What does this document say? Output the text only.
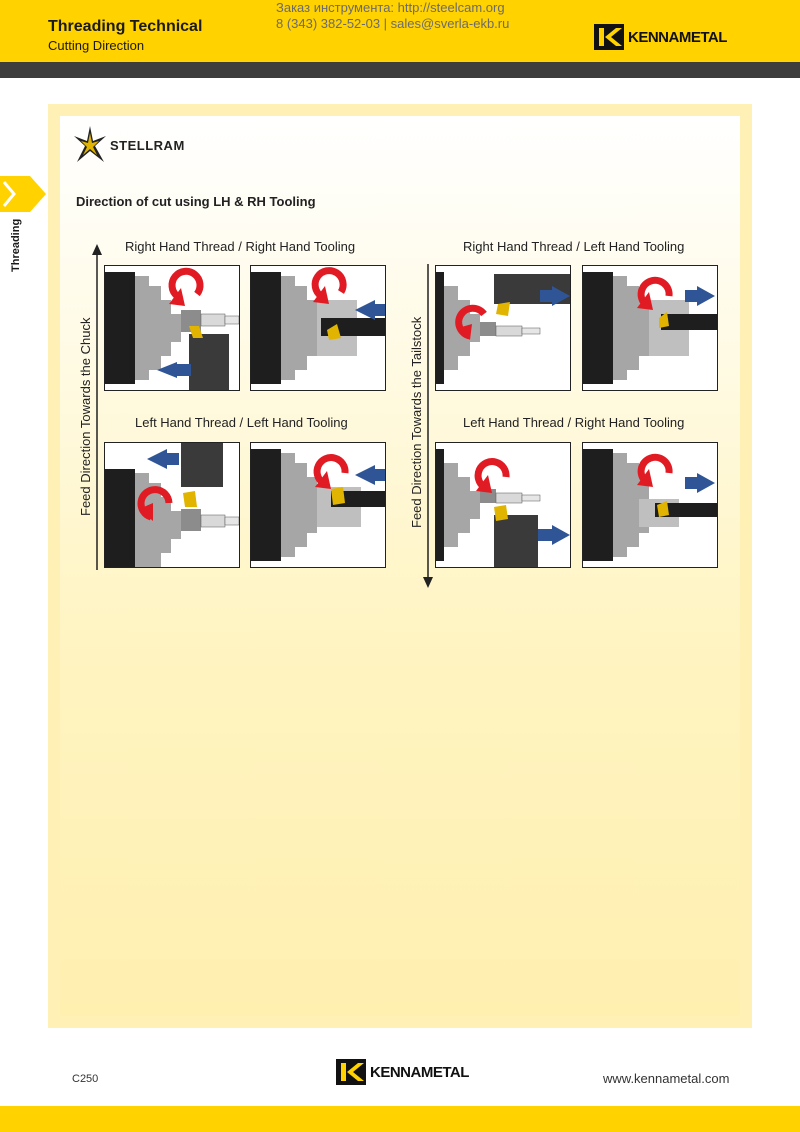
Threading Technical
Cutting Direction
Заказ инструмента: http://steelcam.org
8 (343) 382-52-03 | sales@sverla-ekb.ru
KENNAMETAL
Threading
STELLRAM
Direction of cut using LH & RH Tooling
Right Hand Thread / Right Hand Tooling	Right Hand Thread / Left Hand Tooling
Left Hand Thread / Left Hand Tooling	Left Hand Thread / Right Hand Tooling
Feed Direction Towards the Chuck	Feed Direction Towards the Tailstock
C250	KENNAMETAL	www.kennametal.com
